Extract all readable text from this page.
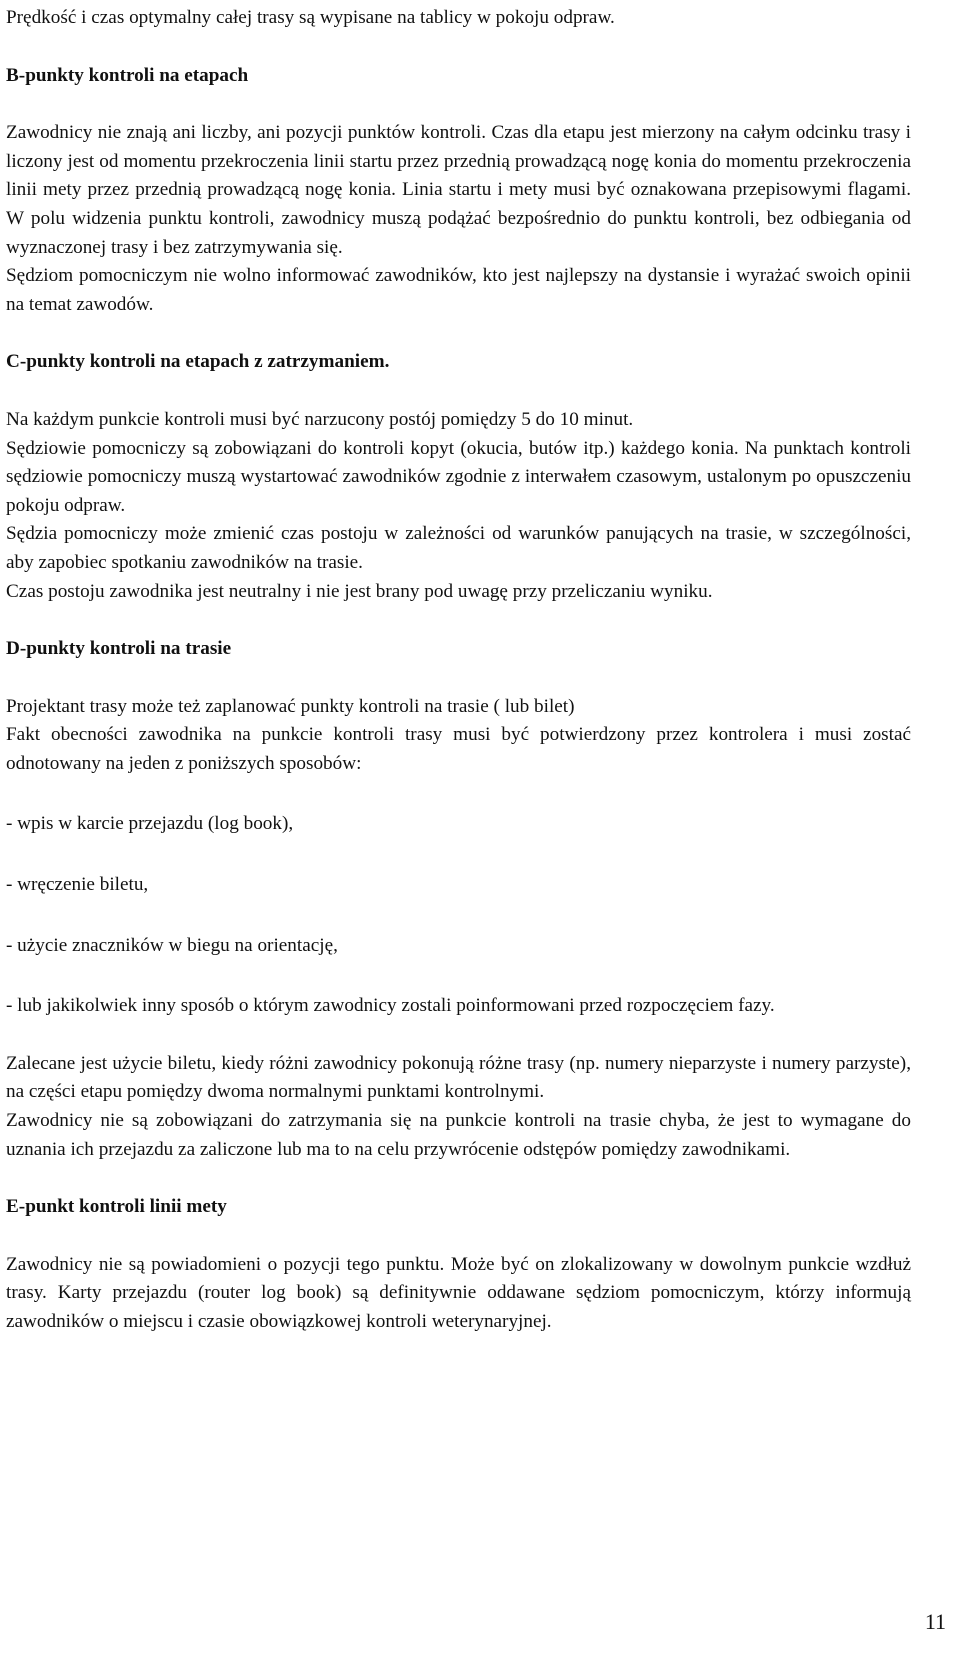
Prędkość i czas optymalny całej trasy są wypisane na tablicy w pokoju odpraw.

B-punkty kontroli na etapach

Zawodnicy nie znają ani liczby, ani pozycji punktów kontroli. Czas dla etapu jest mierzony na całym odcinku trasy i liczony jest od momentu przekroczenia linii startu przez przednią prowadzącą nogę konia do momentu przekroczenia linii mety przez przednią prowadzącą nogę konia. Linia startu i mety musi być oznakowana przepisowymi flagami. W polu widzenia punktu kontroli, zawodnicy muszą podążać bezpośrednio do punktu kontroli, bez odbiegania od wyznaczonej trasy i bez zatrzymywania się.

Sędziom pomocniczym nie wolno informować zawodników, kto jest najlepszy na dystansie i wyrażać swoich opinii na temat zawodów.

C-punkty kontroli na etapach z zatrzymaniem.

Na każdym punkcie kontroli musi być narzucony postój pomiędzy 5 do 10 minut.

Sędziowie pomocniczy są zobowiązani do kontroli kopyt (okucia, butów itp.) każdego konia. Na punktach kontroli sędziowie pomocniczy muszą wystartować zawodników zgodnie z interwałem czasowym, ustalonym po opuszczeniu pokoju odpraw.

Sędzia pomocniczy może zmienić czas postoju w zależności od warunków panujących na trasie, w szczególności, aby zapobiec spotkaniu zawodników na trasie.

Czas postoju zawodnika jest neutralny i nie jest brany pod uwagę przy przeliczaniu wyniku.

D-punkty kontroli na trasie

Projektant trasy może też zaplanować punkty kontroli na trasie ( lub bilet)

Fakt obecności zawodnika na punkcie kontroli trasy musi być potwierdzony przez kontrolera i musi zostać odnotowany na jeden z poniższych sposobów:

- wpis w karcie przejazdu (log book),

- wręczenie biletu,

- użycie znaczników w biegu na orientację,

- lub jakikolwiek inny sposób o którym zawodnicy zostali poinformowani przed rozpoczęciem fazy.

Zalecane jest użycie biletu, kiedy różni zawodnicy pokonują różne trasy (np. numery nieparzyste i numery parzyste), na części etapu pomiędzy dwoma normalnymi punktami kontrolnymi.

Zawodnicy nie są zobowiązani do zatrzymania się na punkcie kontroli na trasie chyba, że jest to wymagane do uznania ich przejazdu za zaliczone lub ma to na celu przywrócenie odstępów pomiędzy zawodnikami.

E-punkt kontroli linii mety

Zawodnicy nie są powiadomieni o pozycji tego punktu. Może być on zlokalizowany w dowolnym punkcie wzdłuż trasy. Karty przejazdu (router log book) są definitywnie oddawane sędziom pomocniczym, którzy informują zawodników o miejscu i czasie obowiązkowej kontroli weterynaryjnej.

11
